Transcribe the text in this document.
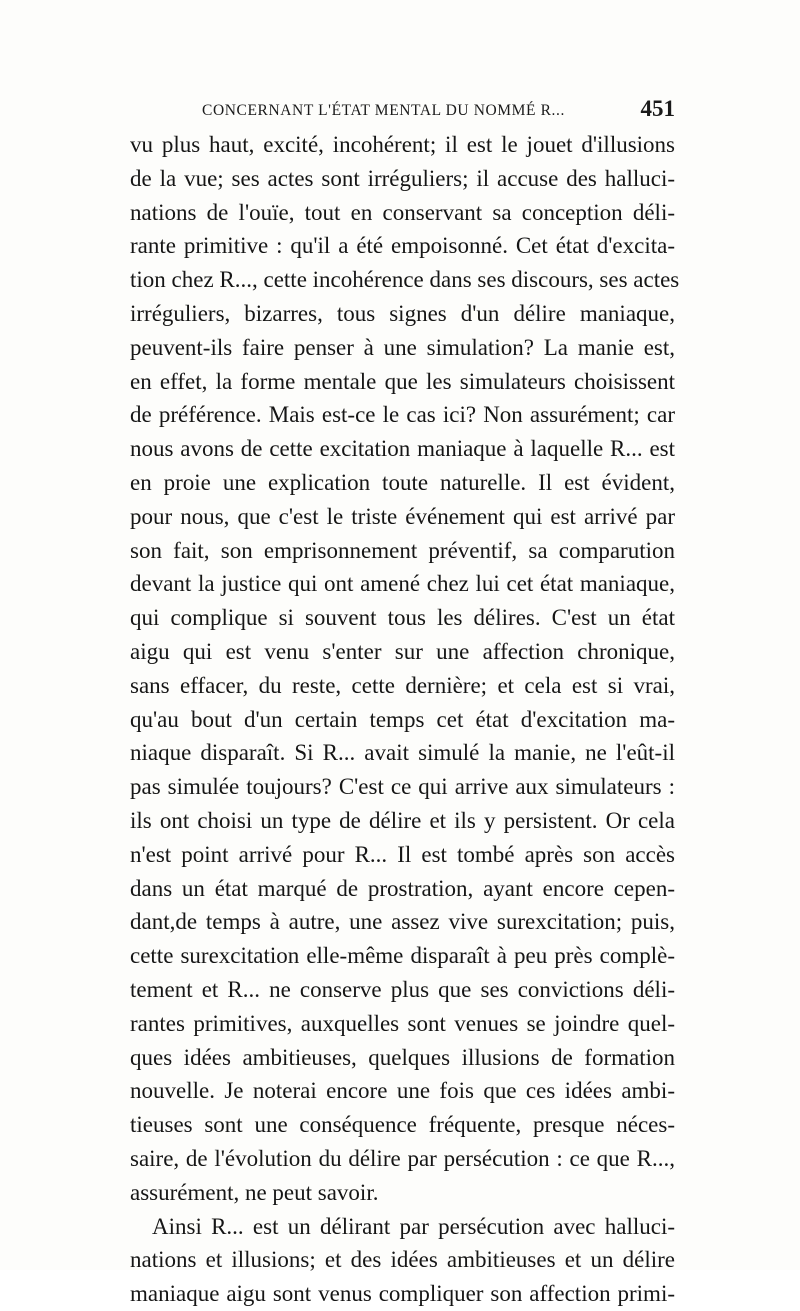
CONCERNANT L'ÉTAT MENTAL DU NOMMÉ R...	451
vu plus haut, excité, incohérent; il est le jouet d'illusions
de la vue; ses actes sont irréguliers; il accuse des halluci-
nations de l'ouïe, tout en conservant sa conception déli-
rante primitive : qu'il a été empoisonné. Cet état d'excita-
tion chez R..., cette incohérence dans ses discours, ses actes
irréguliers, bizarres, tous signes d'un délire maniaque,
peuvent-ils faire penser à une simulation? La manie est,
en effet, la forme mentale que les simulateurs choisissent
de préférence. Mais est-ce le cas ici? Non assurément; car
nous avons de cette excitation maniaque à laquelle R... est
en proie une explication toute naturelle. Il est évident,
pour nous, que c'est le triste événement qui est arrivé par
son fait, son emprisonnement préventif, sa comparution
devant la justice qui ont amené chez lui cet état maniaque,
qui complique si souvent tous les délires. C'est un état
aigu qui est venu s'enter sur une affection chronique,
sans effacer, du reste, cette dernière; et cela est si vrai,
qu'au bout d'un certain temps cet état d'excitation ma-
niaque disparaît. Si R... avait simulé la manie, ne l'eût-il
pas simulée toujours? C'est ce qui arrive aux simulateurs :
ils ont choisi un type de délire et ils y persistent. Or cela
n'est point arrivé pour R... Il est tombé après son accès
dans un état marqué de prostration, ayant encore cepen-
dant,de temps à autre, une assez vive surexcitation; puis,
cette surexcitation elle-même disparaît à peu près complè-
tement et R... ne conserve plus que ses convictions déli-
rantes primitives, auxquelles sont venues se joindre quel-
ques idées ambitieuses, quelques illusions de formation
nouvelle. Je noterai encore une fois que ces idées ambi-
tieuses sont une conséquence fréquente, presque néces-
saire, de l'évolution du délire par persécution : ce que R...,
assurément, ne peut savoir.
Ainsi R... est un délirant par persécution avec halluci-
nations et illusions; et des idées ambitieuses et un délire
maniaque aigu sont venus compliquer son affection primi-
